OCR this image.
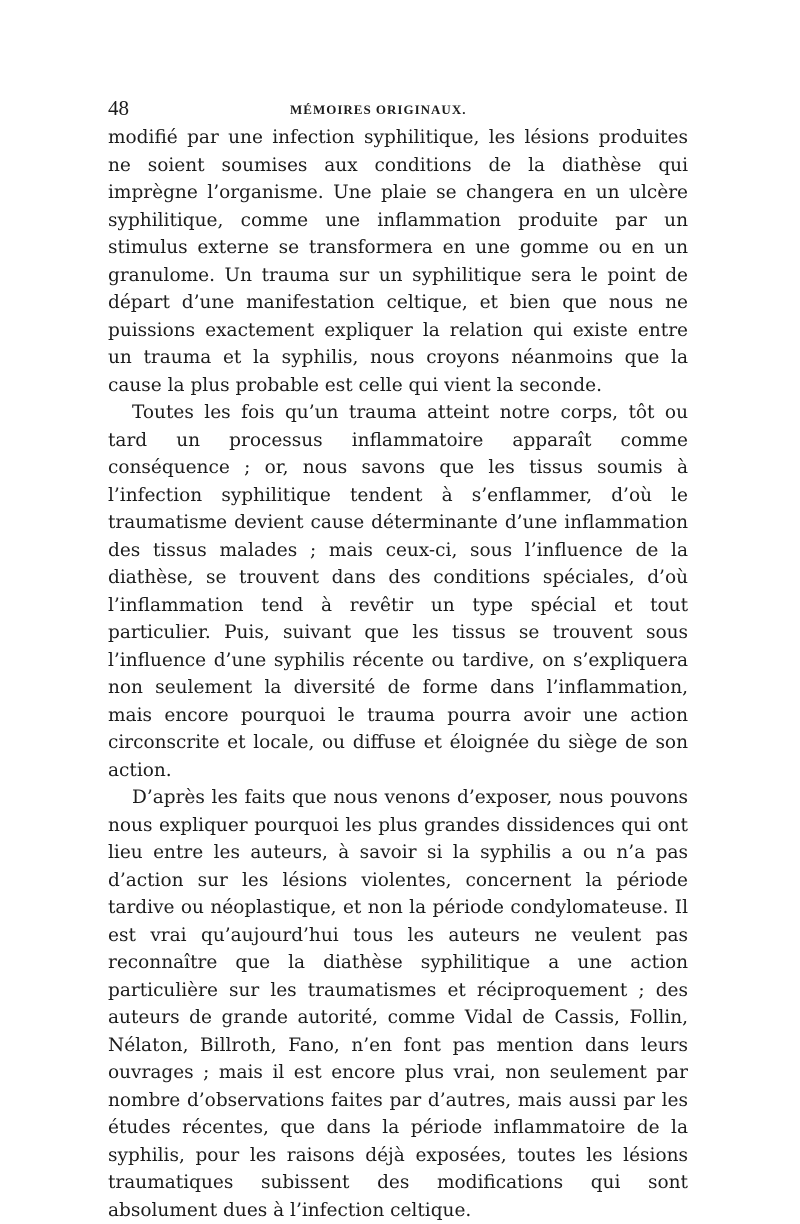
48	MÉMOIRES ORIGINAUX.

modifié par une infection syphilitique, les lésions produites ne soient soumises aux conditions de la diathèse qui imprègne l’organisme. Une plaie se changera en un ulcère syphilitique, comme une inflammation produite par un stimulus externe se transformera en une gomme ou en un granulome. Un trauma sur un syphilitique sera le point de départ d’une manifestation celtique, et bien que nous ne puissions exactement expliquer la relation qui existe entre un trauma et la syphilis, nous croyons néanmoins que la cause la plus probable est celle qui vient la seconde.

Toutes les fois qu’un trauma atteint notre corps, tôt ou tard un processus inflammatoire apparaît comme conséquence ; or, nous savons que les tissus soumis à l’infection syphilitique tendent à s’enflammer, d’où le traumatisme devient cause déterminante d’une inflammation des tissus malades ; mais ceux-ci, sous l’influence de la diathèse, se trouvent dans des conditions spéciales, d’où l’inflammation tend à revêtir un type spécial et tout particulier. Puis, suivant que les tissus se trouvent sous l’influence d’une syphilis récente ou tardive, on s’expliquera non seulement la diversité de forme dans l’inflammation, mais encore pourquoi le trauma pourra avoir une action circonscrite et locale, ou diffuse et éloignée du siège de son action.

D’après les faits que nous venons d’exposer, nous pouvons nous expliquer pourquoi les plus grandes dissidences qui ont lieu entre les auteurs, à savoir si la syphilis a ou n’a pas d’action sur les lésions violentes, concernent la période tardive ou néoplastique, et non la période condylomateuse. Il est vrai qu’aujourd’hui tous les auteurs ne veulent pas reconnaître que la diathèse syphilitique a une action particulière sur les traumatismes et réciproquement ; des auteurs de grande autorité, comme Vidal de Cassis, Follin, Nélaton, Billroth, Fano, n’en font pas mention dans leurs ouvrages ; mais il est encore plus vrai, non seulement par nombre d’observations faites par d’autres, mais aussi par les études récentes, que dans la période inflammatoire de la syphilis, pour les raisons déjà exposées, toutes les lésions traumatiques subissent des modifications qui sont absolument dues à l’infection celtique.
